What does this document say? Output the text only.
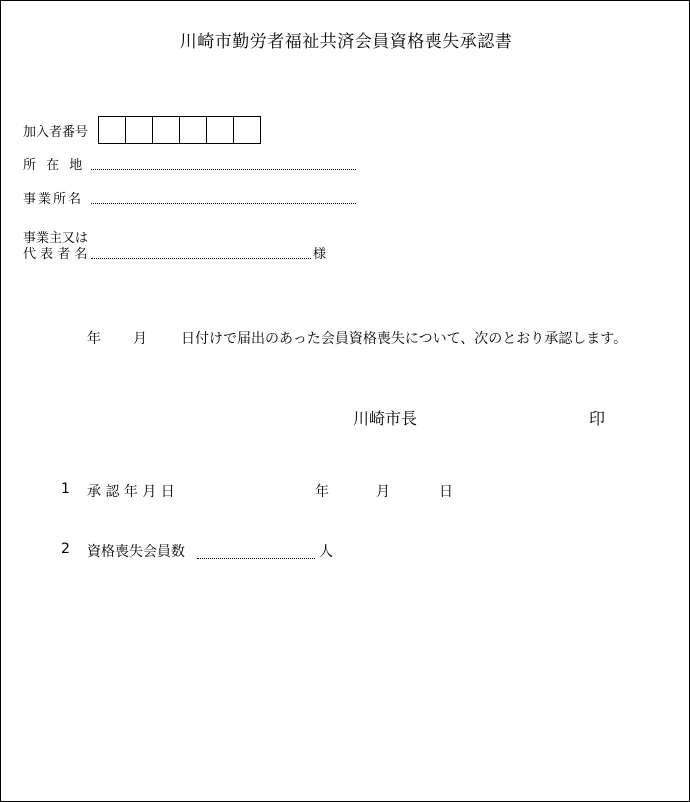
川崎市勤労者福祉共済会員資格喪失承認書
加入者番号
所 在 地
事業所名
事業主又は
代 表 者 名	様
年 月 日付けで届出のあった会員資格喪失について、次のとおり承認します。
川崎市長	印
1 承 認 年 月 日	年	月	日
2 資格喪失会員数	人
